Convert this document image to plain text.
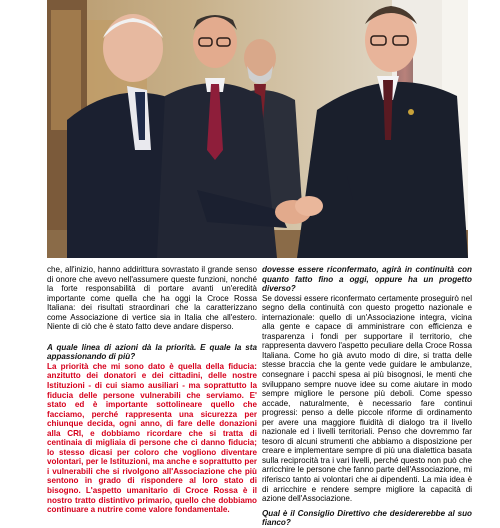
che, all'inizio, hanno addirittura sovrastato il grande senso di onore che avevo nell'assumere queste funzioni, nonché la forte responsabilità di portare avanti un'eredità importante come quella che ha oggi la Croce Rossa Italiana: dei risultati straordinari che la caratterizzano come Associazione di vertice sia in Italia che all'estero. Niente di ciò che è stato fatto deve andare disperso.

A quale linea di azioni dà la priorità. E quale la sta appassionando di più?

La priorità che mi sono dato è quella della fiducia: anzitutto dei donatori e dei cittadini, delle nostre Istituzioni - di cui siamo ausiliari - ma soprattutto la fiducia delle persone vulnerabili che serviamo. E' stato ed è importante sottolineare quello che facciamo, perché rappresenta una sicurezza per chiunque decida, ogni anno, di fare delle donazioni alla CRI, e dobbiamo ricordare che si tratta di centinaia di migliaia di persone che ci danno fiducia; lo stesso dicasi per coloro che vogliono diventare volontari, per le Istituzioni, ma anche e soprattutto per i vulnerabili che si rivolgono all'Associazione che più sentono in grado di rispondere al loro stato di bisogno. L'aspetto umanitario di Croce Rossa è il nostro tratto distintivo primario, quello che dobbiamo continuare a nutrire come valore fondamentale.

dovesse essere riconfermato, agirà in continuità con quanto fatto fino a oggi, oppure ha un progetto diverso?

Se dovessi essere riconfermato certamente proseguirò nel segno della continuità con questo progetto nazionale e internazionale: quello di un'Associazione integra, vicina alla gente e capace di amministrare con efficienza e trasparenza i fondi per supportare il territorio, che rappresenta davvero l'aspetto peculiare della Croce Rossa Italiana. Come ho già avuto modo di dire, si tratta delle stesse braccia che la gente vede guidare le ambulanze, consegnare i pacchi spesa ai più bisognosi, le menti che sviluppano sempre nuove idee su come aiutare in modo sempre migliore le persone più deboli. Come spesso accade, naturalmente, è necessario fare continui progressi: penso a delle piccole riforme di ordinamento per avere una maggiore fluidità di dialogo tra il livello nazionale ed i livelli territoriali. Penso che dovremmo far tesoro di alcuni strumenti che abbiamo a disposizione per creare e implementare sempre di più una dialettica basata sulla reciprocità tra i vari livelli, perché questo non può che arricchire le persone che fanno parte dell'Associazione, mi riferisco tanto ai volontari che ai dipendenti. La mia idea è di arricchire e rendere sempre migliore la capacità di azione dell'Associazione.

Qual è il Consiglio Direttivo che desidererebbe al suo fianco?
